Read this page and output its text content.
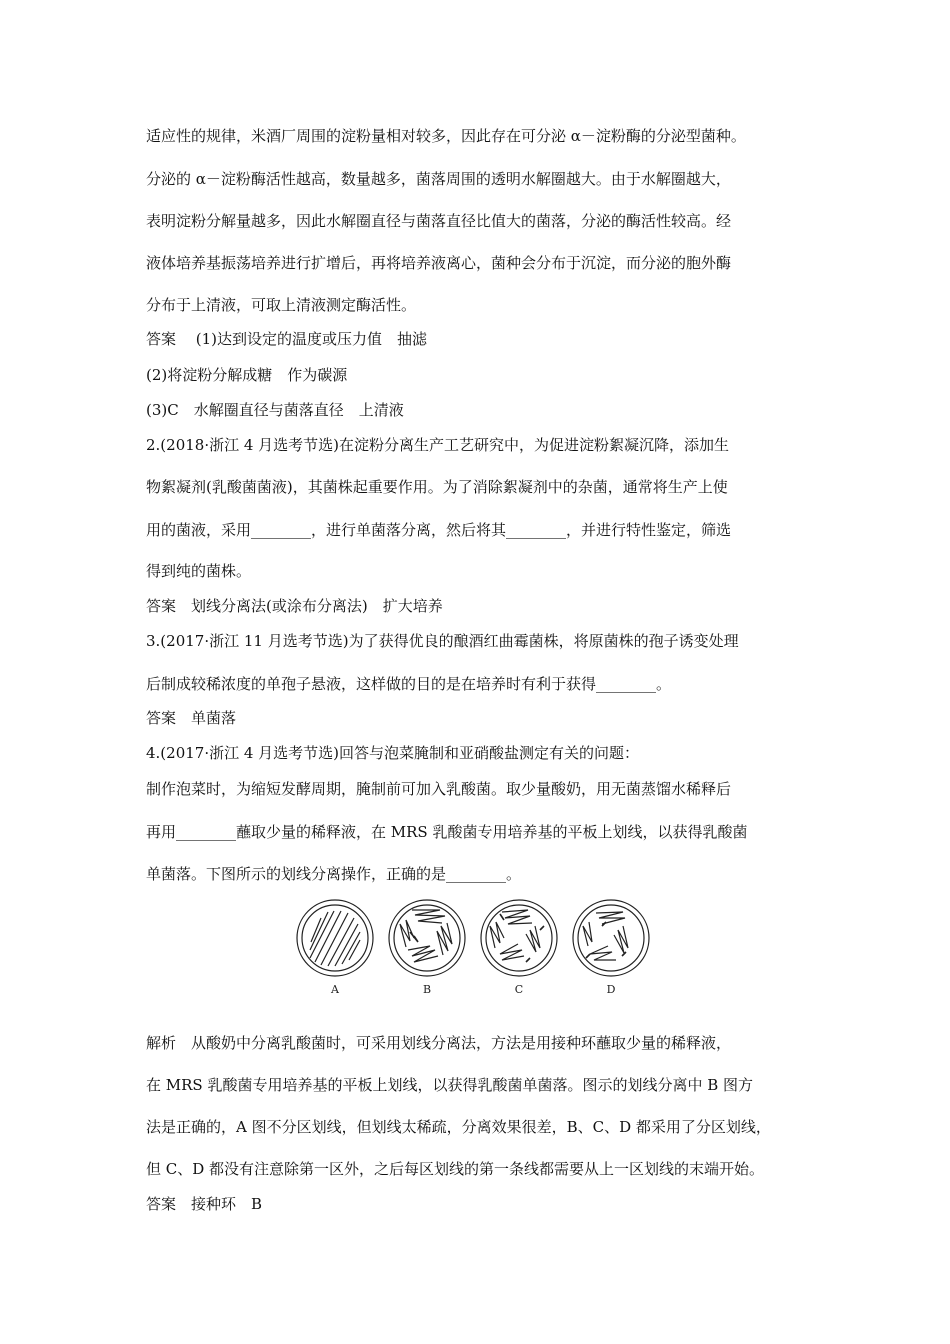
适应性的规律，米酒厂周围的淀粉量相对较多，因此存在可分泌 α－淀粉酶的分泌型菌种。
分泌的 α－淀粉酶活性越高，数量越多，菌落周围的透明水解圈越大。由于水解圈越大，
表明淀粉分解量越多，因此水解圈直径与菌落直径比值大的菌落，分泌的酶活性较高。经
液体培养基振荡培养进行扩增后，再将培养液离心，菌种会分布于沉淀，而分泌的胞外酶
分布于上清液，可取上清液测定酶活性。
答案　 (1)达到设定的温度或压力值　抽滤
(2)将淀粉分解成糖　作为碳源
(3)C　水解圈直径与菌落直径　上清液
2.(2018·浙江 4 月选考节选)在淀粉分离生产工艺研究中，为促进淀粉絮凝沉降，添加生
物絮凝剂(乳酸菌菌液)，其菌株起重要作用。为了消除絮凝剂中的杂菌，通常将生产上使
用的菌液，采用________，进行单菌落分离，然后将其________，并进行特性鉴定，筛选
得到纯的菌株。
答案　划线分离法(或涂布分离法)　扩大培养
3.(2017·浙江 11 月选考节选)为了获得优良的酿酒红曲霉菌株，将原菌株的孢子诱变处理
后制成较稀浓度的单孢子悬液，这样做的目的是在培养时有利于获得________。
答案　单菌落
4.(2017·浙江 4 月选考节选)回答与泡菜腌制和亚硝酸盐测定有关的问题：
制作泡菜时，为缩短发酵周期，腌制前可加入乳酸菌。取少量酸奶，用无菌蒸馏水稀释后
再用________蘸取少量的稀释液，在 MRS 乳酸菌专用培养基的平板上划线，以获得乳酸菌
单菌落。下图所示的划线分离操作，正确的是________。
A	B	C	D
解析　从酸奶中分离乳酸菌时，可采用划线分离法，方法是用接种环蘸取少量的稀释液，
在 MRS 乳酸菌专用培养基的平板上划线，以获得乳酸菌单菌落。图示的划线分离中 B 图方
法是正确的，A 图不分区划线，但划线太稀疏，分离效果很差，B、C、D 都采用了分区划线，
但 C、D 都没有注意除第一区外，之后每区划线的第一条线都需要从上一区划线的末端开始。
答案　接种环　B
